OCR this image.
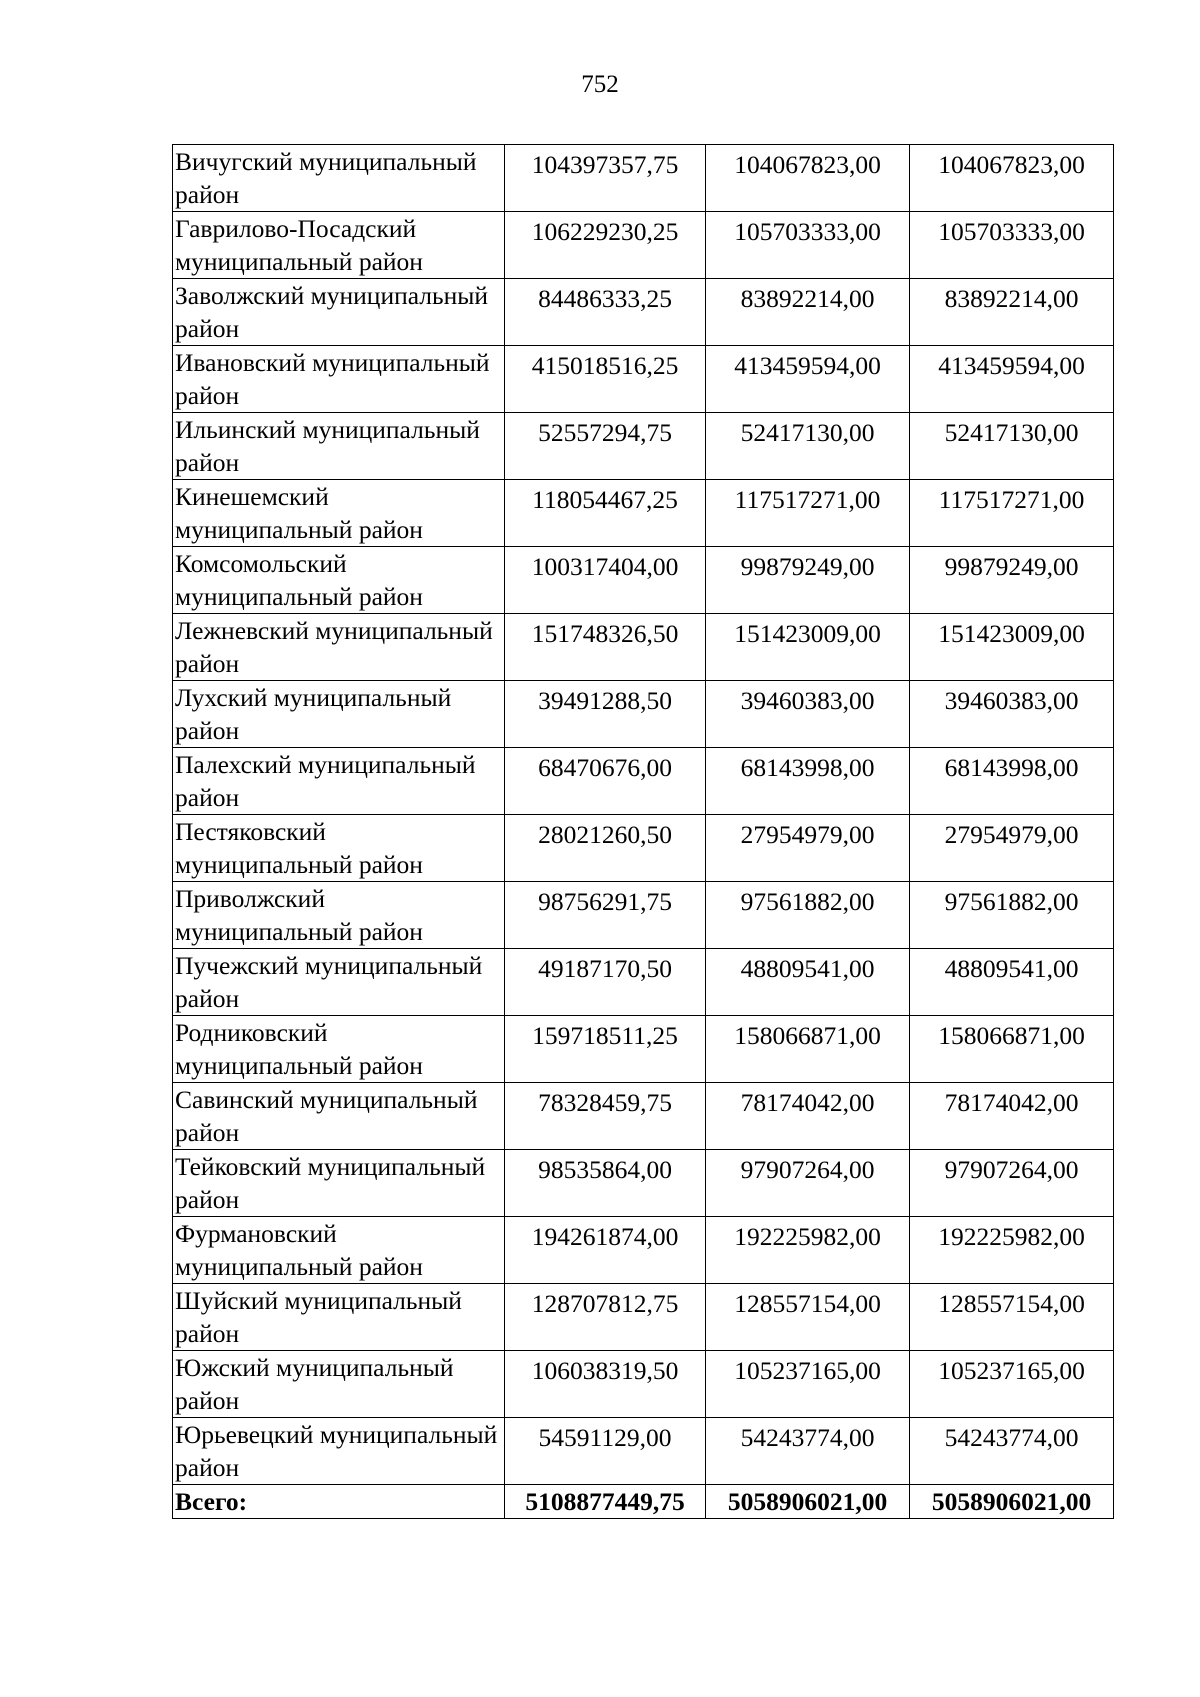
752
Вичугский муниципальный район	104397357,75	104067823,00	104067823,00
Гаврилово-Посадский муниципальный район	106229230,25	105703333,00	105703333,00
Заволжский муниципальный район	84486333,25	83892214,00	83892214,00
Ивановский муниципальный район	415018516,25	413459594,00	413459594,00
Ильинский муниципальный район	52557294,75	52417130,00	52417130,00
Кинешемский муниципальный район	118054467,25	117517271,00	117517271,00
Комсомольский муниципальный район	100317404,00	99879249,00	99879249,00
Лежневский муниципальный район	151748326,50	151423009,00	151423009,00
Лухский муниципальный район	39491288,50	39460383,00	39460383,00
Палехский муниципальный район	68470676,00	68143998,00	68143998,00
Пестяковский муниципальный район	28021260,50	27954979,00	27954979,00
Приволжский муниципальный район	98756291,75	97561882,00	97561882,00
Пучежский муниципальный район	49187170,50	48809541,00	48809541,00
Родниковский муниципальный район	159718511,25	158066871,00	158066871,00
Савинский муниципальный район	78328459,75	78174042,00	78174042,00
Тейковский муниципальный район	98535864,00	97907264,00	97907264,00
Фурмановский муниципальный район	194261874,00	192225982,00	192225982,00
Шуйский муниципальный район	128707812,75	128557154,00	128557154,00
Южский муниципальный район	106038319,50	105237165,00	105237165,00
Юрьевецкий муниципальный район	54591129,00	54243774,00	54243774,00
Всего:	5108877449,75	5058906021,00	5058906021,00
